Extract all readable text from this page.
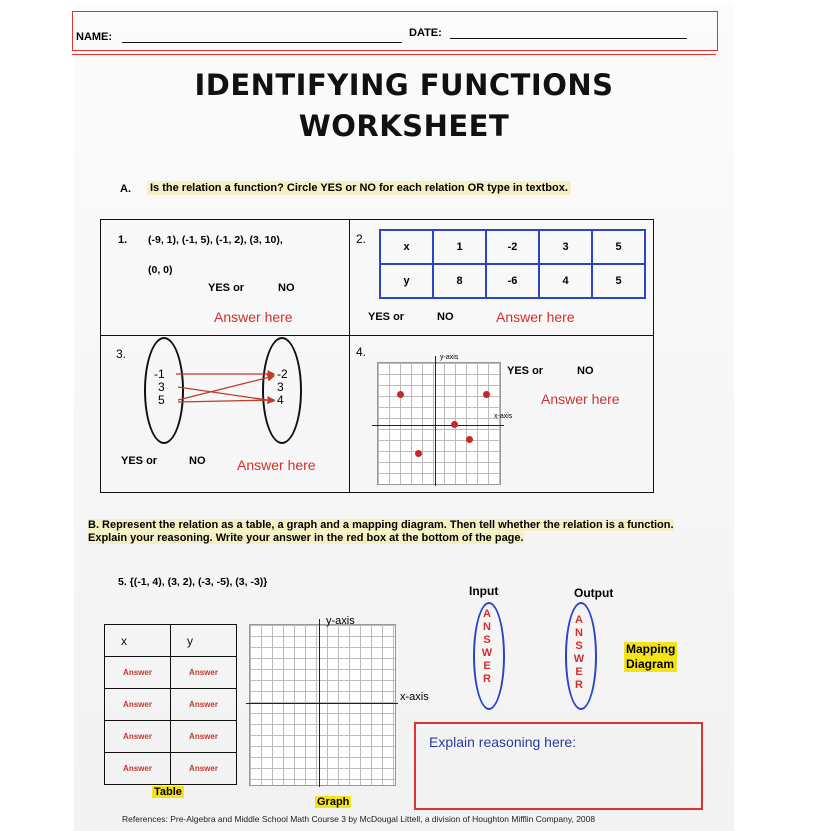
NAME:	DATE:
IDENTIFYING FUNCTIONS
WORKSHEET
A. Is the relation a function? Circle YES or NO for each relation OR type in textbox.
1. (-9, 1), (-1, 5), (-1, 2), (3, 10),
(0, 0)
YES or	NO
Answer here
2.
x	1	-2	3	5
y	8	-6	4	5
YES or	NO	Answer here
3.
-1
3
5
-2
3
4
YES or	NO Answer here
4.	y-axis
x-axis
YES or	NO
Answer here
B. Represent the relation as a table, a graph and a mapping diagram. Then tell whether the relation is a function. Explain your reasoning. Write your answer in the red box at the bottom of the page.
5. {(-1, 4), (3, 2), (-3, -5), (3, -3)}
x	y
Answer	Answer
Answer	Answer
Answer	Answer
Answer	Answer
Table
y-axis
x-axis
Graph
Input	Output
A
N
S
W
E
R
A
N
S
W
E
R
Mapping
Diagram
Explain reasoning here:
References: Pre-Algebra and Middle School Math Course 3 by McDougal Littell, a division of Houghton Mifflin Company, 2008
